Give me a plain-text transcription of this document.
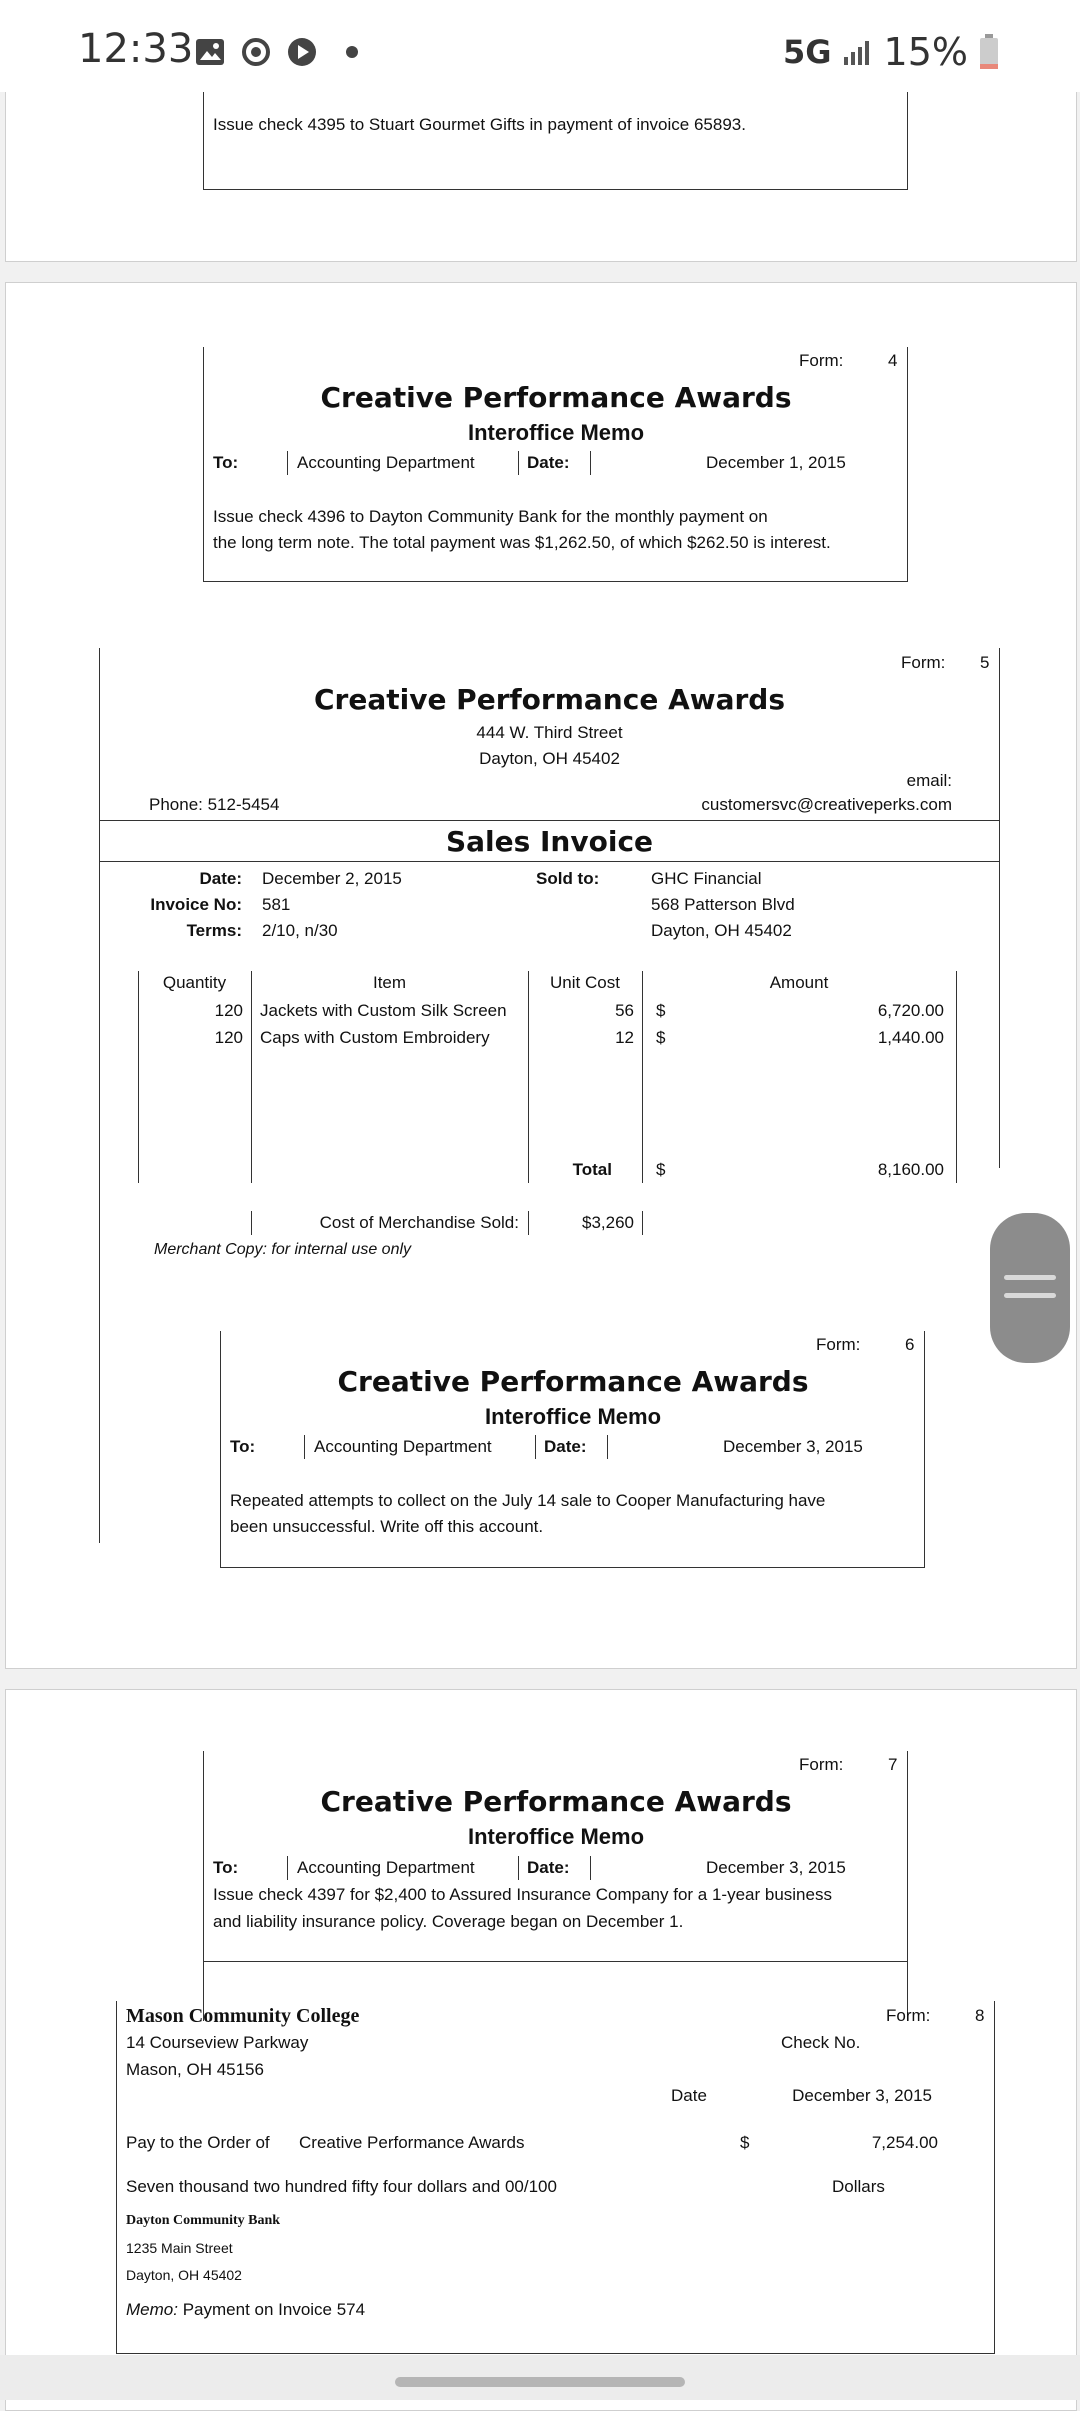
12:33	5G 15%
Issue check 4395 to Stuart Gourmet Gifts in payment of invoice 65893.
Form:	4
Creative Performance Awards
Interoffice Memo
To:	Accounting Department	Date:	December 1, 2015
Issue check 4396 to Dayton Community Bank for the monthly payment on
the long term note. The total payment was $1,262.50, of which $262.50 is interest.
Form: 5
Creative Performance Awards
444 W. Third Street
Dayton, OH 45402
Phone: 512-5454
email:
customersvc@creativeperks.com
Sales Invoice
Date: December 2, 2015
Invoice No: 581
Terms: 2/10, n/30
Sold to:	GHC Financial
568 Patterson Blvd
Dayton, OH 45402
Quantity	Item	Unit Cost	Amount
120 Jackets with Custom Silk Screen	56 $	6,720.00
120 Caps with Custom Embroidery	12 $	1,440.00
Total	$	8,160.00
Cost of Merchandise Sold:	$3,260
Merchant Copy: for internal use only
Form:	6
Creative Performance Awards
Interoffice Memo
To:	Accounting Department	Date:	December 3, 2015
Repeated attempts to collect on the July 14 sale to Cooper Manufacturing have
been unsuccessful. Write off this account.
Form:	7
Creative Performance Awards
Interoffice Memo
To:	Accounting Department	Date:	December 3, 2015
Issue check 4397 for $2,400 to Assured Insurance Company for a 1-year business
and liability insurance policy. Coverage began on December 1.
Mason Community College
14 Courseview Parkway
Mason, OH 45156
Form:	8
Check No.
Date	December 3, 2015
Pay to the Order of Creative Performance Awards	$	7,254.00
Seven thousand two hundred fifty four dollars and 00/100	Dollars
Dayton Community Bank
1235 Main Street
Dayton, OH 45402
Memo: Payment on Invoice 574
